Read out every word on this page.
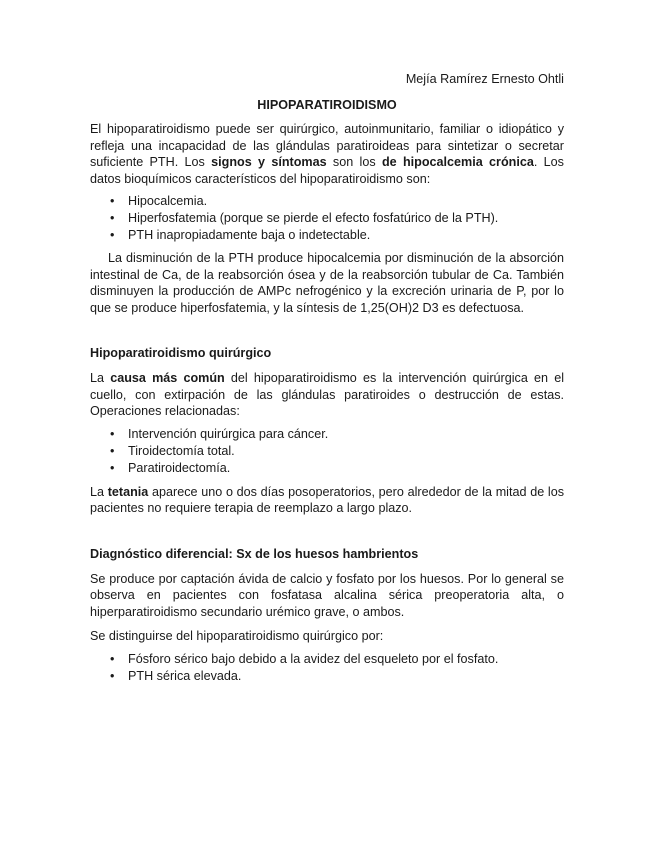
Mejía Ramírez Ernesto Ohtli

HIPOPARATIROIDISMO

El hipoparatiroidismo puede ser quirúrgico, autoinmunitario, familiar o idiopático y refleja una incapacidad de las glándulas paratiroideas para sintetizar o secretar suficiente PTH. Los signos y síntomas son los de hipocalcemia crónica. Los datos bioquímicos característicos del hipoparatiroidismo son:

• Hipocalcemia.
• Hiperfosfatemia (porque se pierde el efecto fosfatúrico de la PTH).
• PTH inapropiadamente baja o indetectable.

La disminución de la PTH produce hipocalcemia por disminución de la absorción intestinal de Ca, de la reabsorción ósea y de la reabsorción tubular de Ca. También disminuyen la producción de AMPc nefrogénico y la excreción urinaria de P, por lo que se produce hiperfosfatemia, y la síntesis de 1,25(OH)2 D3 es defectuosa.

Hipoparatiroidismo quirúrgico

La causa más común del hipoparatiroidismo es la intervención quirúrgica en el cuello, con extirpación de las glándulas paratiroides o destrucción de estas. Operaciones relacionadas:

• Intervención quirúrgica para cáncer.
• Tiroidectomía total.
• Paratiroidectomía.

La tetania aparece uno o dos días posoperatorios, pero alrededor de la mitad de los pacientes no requiere terapia de reemplazo a largo plazo.

Diagnóstico diferencial: Sx de los huesos hambrientos

Se produce por captación ávida de calcio y fosfato por los huesos. Por lo general se observa en pacientes con fosfatasa alcalina sérica preoperatoria alta, o hiperparatiroidismo secundario urémico grave, o ambos.

Se distinguirse del hipoparatiroidismo quirúrgico por:

• Fósforo sérico bajo debido a la avidez del esqueleto por el fosfato.
• PTH sérica elevada.
